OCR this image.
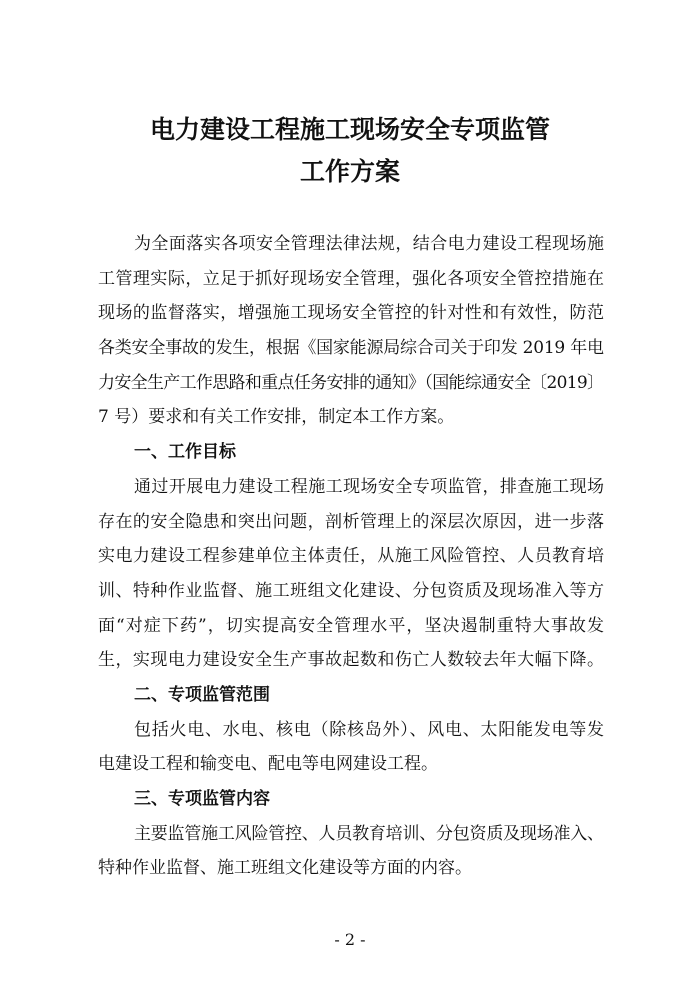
电力建设工程施工现场安全专项监管
工作方案
为全面落实各项安全管理法律法规，结合电力建设工程现场施
工管理实际，立足于抓好现场安全管理，强化各项安全管控措施在
现场的监督落实，增强施工现场安全管控的针对性和有效性，防范
各类安全事故的发生，根据《国家能源局综合司关于印发 2019 年电
力安全生产工作思路和重点任务安排的通知》（国能综通安全〔2019〕
7 号）要求和有关工作安排，制定本工作方案。
一、工作目标
通过开展电力建设工程施工现场安全专项监管，排查施工现场
存在的安全隐患和突出问题，剖析管理上的深层次原因，进一步落
实电力建设工程参建单位主体责任，从施工风险管控、人员教育培
训、特种作业监督、施工班组文化建设、分包资质及现场准入等方
面“对症下药”，切实提高安全管理水平，坚决遏制重特大事故发
生，实现电力建设安全生产事故起数和伤亡人数较去年大幅下降。
二、专项监管范围
包括火电、水电、核电（除核岛外）、风电、太阳能发电等发
电建设工程和输变电、配电等电网建设工程。
三、专项监管内容
主要监管施工风险管控、人员教育培训、分包资质及现场准入、
特种作业监督、施工班组文化建设等方面的内容。
- 2 -
